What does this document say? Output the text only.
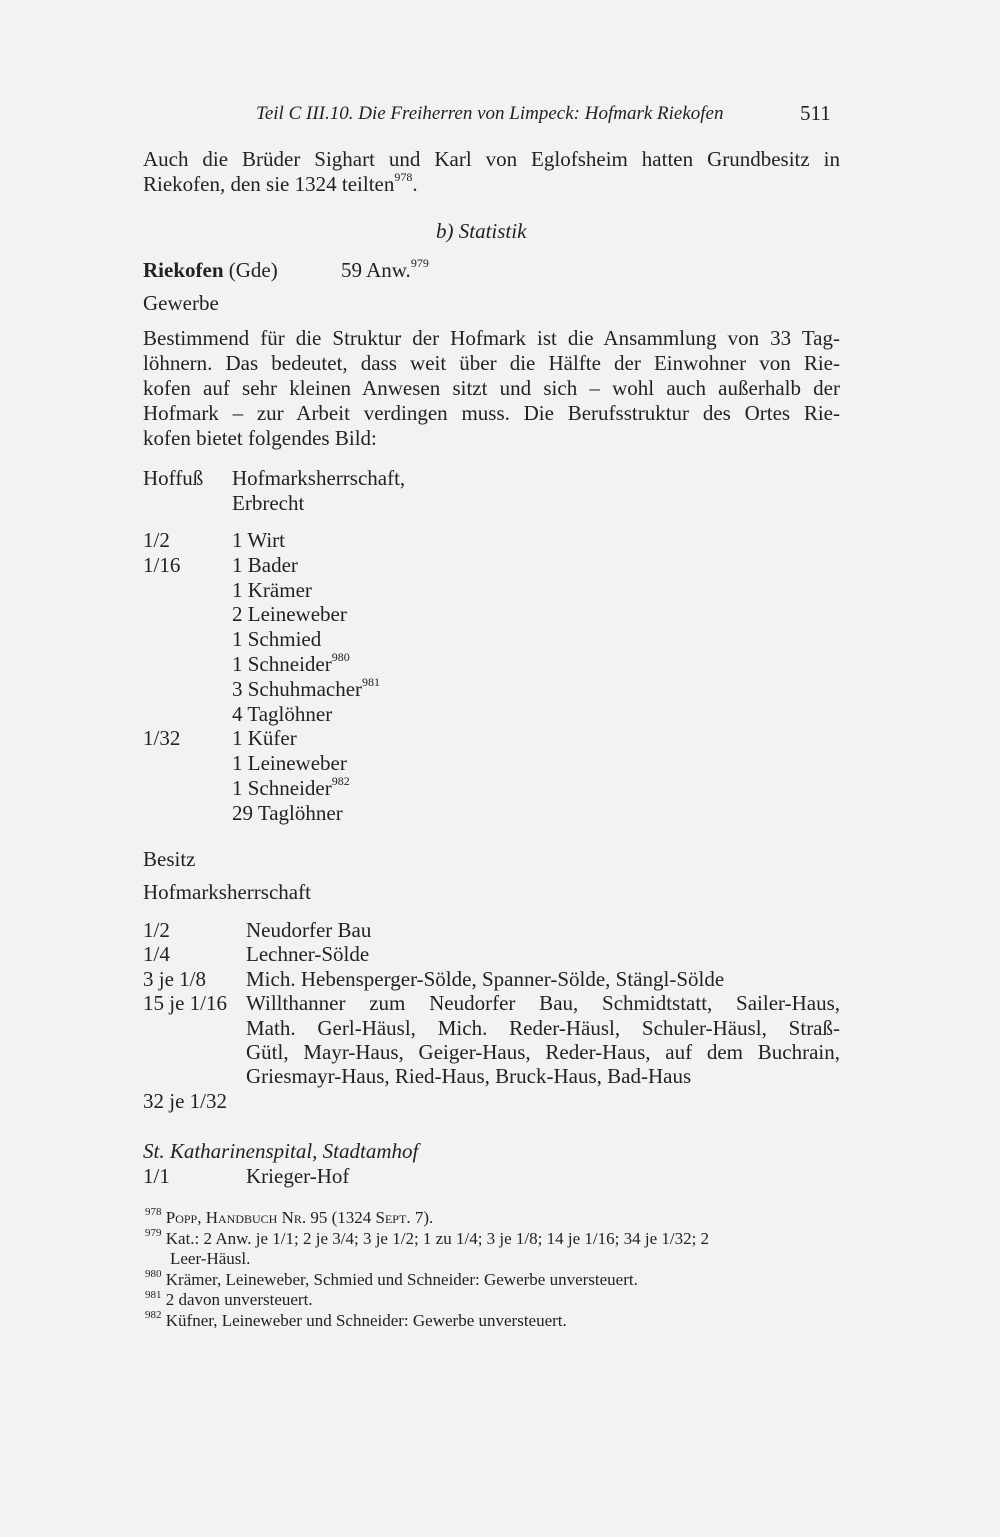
Teil C III.10. Die Freiherren von Limpeck: Hofmark Riekofen	511
Auch die Brüder Sighart und Karl von Eglofsheim hatten Grundbesitz in
Riekofen, den sie 1324 teilten$^{978}$.
b) Statistik
Riekofen (Gde)	59 Anw.$^{979}$
Gewerbe
Bestimmend für die Struktur der Hofmark ist die Ansammlung von 33 Tag-
löhnern. Das bedeutet, dass weit über die Hälfte der Einwohner von Rie-
kofen auf sehr kleinen Anwesen sitzt und sich – wohl auch außerhalb der
Hofmark – zur Arbeit verdingen muss. Die Berufsstruktur des Ortes Rie-
kofen bietet folgendes Bild:
Hoffuß Hofmarksherrschaft,
Erbrecht
1/2	1 Wirt
1/16 1 Bader
1 Krämer
2 Leineweber
1 Schmied
1 Schneider$^{980}$
3 Schuhmacher$^{981}$
4 Taglöhner
1/32 1 Küfer
1 Leineweber
1 Schneider$^{982}$
29 Taglöhner
Besitz
Hofmarksherrschaft
1/2	Neudorfer Bau
1/4	Lechner-Sölde
3 je 1/8 Mich. Hebensperger-Sölde, Spanner-Sölde, Stängl-Sölde
15 je 1/16 Willthanner zum Neudorfer Bau, Schmidtstatt, Sailer-Haus,
Math. Gerl-Häusl, Mich. Reder-Häusl, Schuler-Häusl, Straß-
Gütl, Mayr-Haus, Geiger-Haus, Reder-Haus, auf dem Buchrain,
Griesmayr-Haus, Ried-Haus, Bruck-Haus, Bad-Haus
32 je 1/32
St. Katharinenspital, Stadtamhof
1/1	Krieger-Hof
$^{978}$ Popp, Handbuch Nr. 95 (1324 Sept. 7).
$^{979}$ Kat.: 2 Anw. je 1/1; 2 je 3/4; 3 je 1/2; 1 zu 1/4; 3 je 1/8; 14 je 1/16; 34 je 1/32; 2
Leer-Häusl.
$^{980}$ Krämer, Leineweber, Schmied und Schneider: Gewerbe unversteuert.
$^{981}$ 2 davon unversteuert.
$^{982}$ Küfner, Leineweber und Schneider: Gewerbe unversteuert.
